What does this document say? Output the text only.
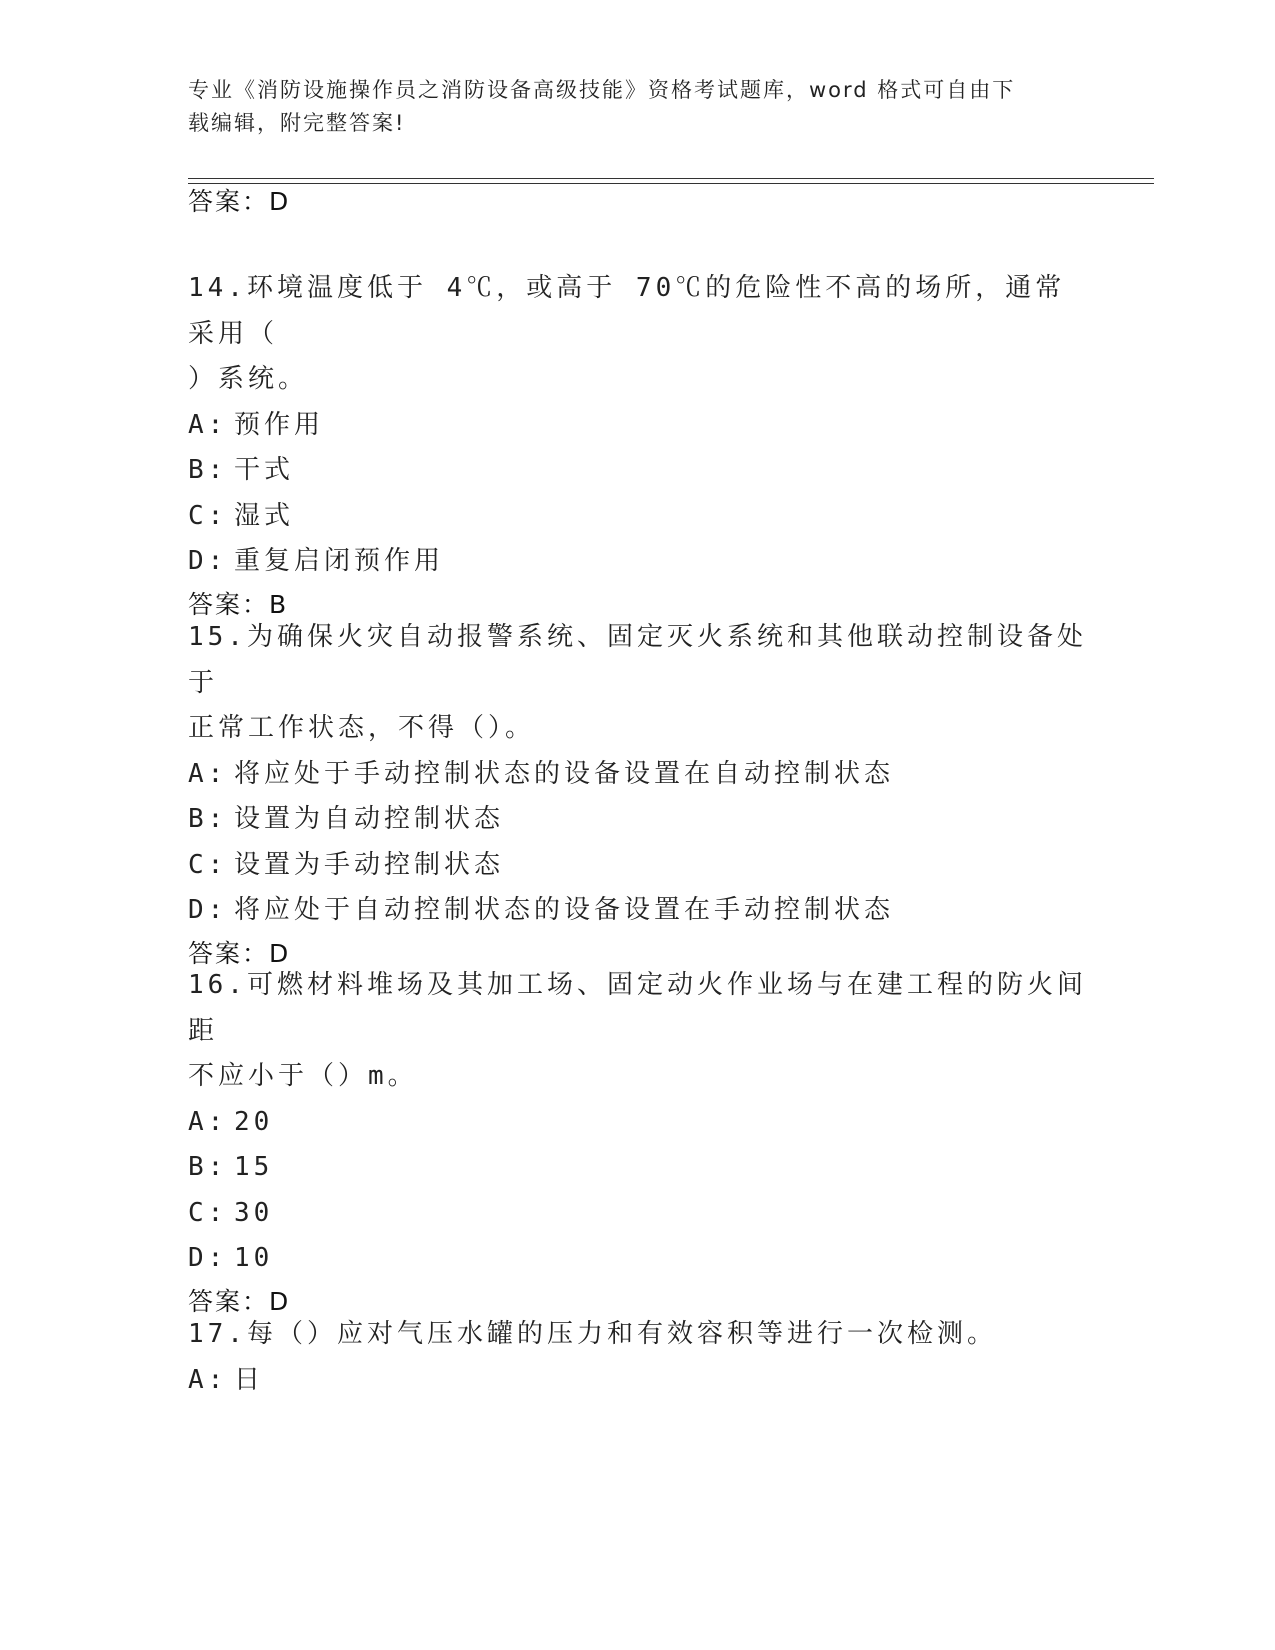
专业《消防设施操作员之消防设备高级技能》资格考试题库，word 格式可自由下
载编辑，附完整答案!
答案：D
14.环境温度低于 4℃，或高于 70℃的危险性不高的场所，通常采用（
）系统。
A: 预作用
B: 干式
C: 湿式
D: 重复启闭预作用
答案：B
15.为确保火灾自动报警系统、固定灭火系统和其他联动控制设备处于
正常工作状态，不得（）。
A: 将应处于手动控制状态的设备设置在自动控制状态
B: 设置为自动控制状态
C: 设置为手动控制状态
D: 将应处于自动控制状态的设备设置在手动控制状态
答案：D
16.可燃材料堆场及其加工场、固定动火作业场与在建工程的防火间距
不应小于（）m。
A: 20
B: 15
C: 30
D: 10
答案：D
17.每（）应对气压水罐的压力和有效容积等进行一次检测。
A: 日
